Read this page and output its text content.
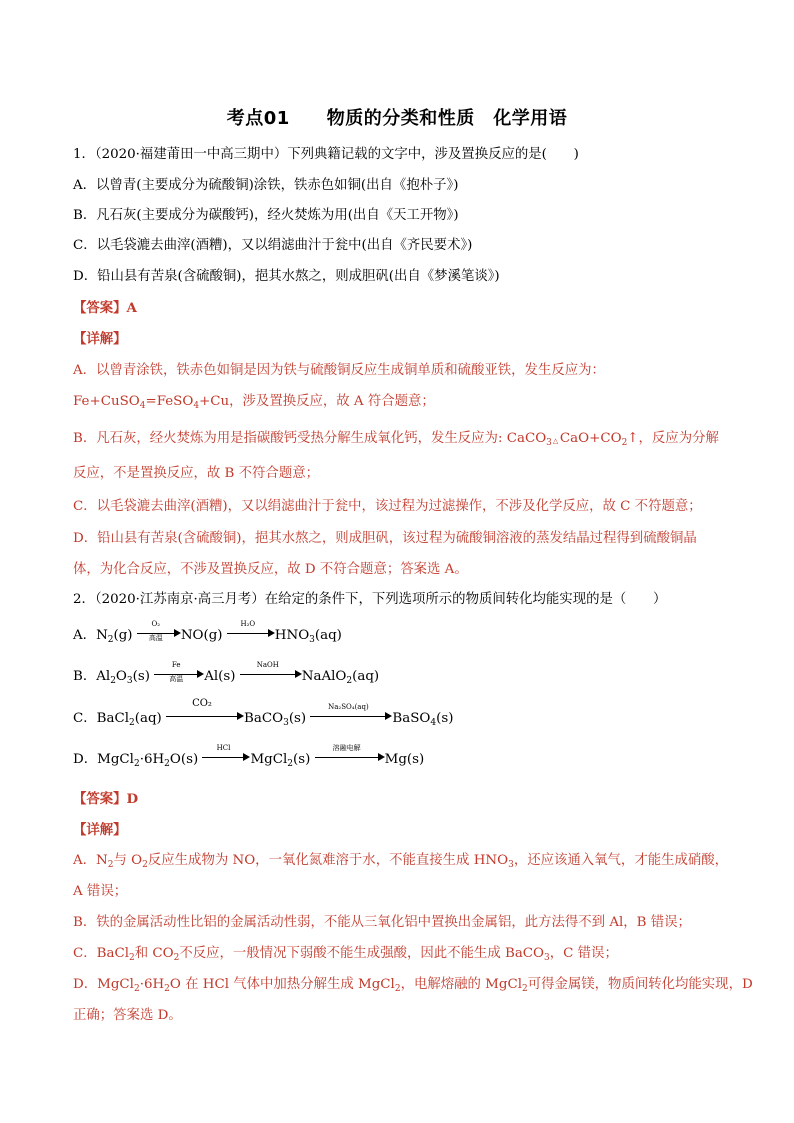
考点01　　物质的分类和性质　化学用语
1．（2020·福建莆田一中高三期中）下列典籍记载的文字中，涉及置换反应的是(　　)
A．以曾青(主要成分为硫酸铜)涂铁，铁赤色如铜(出自《抱朴子》)
B．凡石灰(主要成分为碳酸钙)，经火焚炼为用(出自《天工开物》)
C．以毛袋漉去曲滓(酒糟)，又以绢滤曲汁于瓮中(出自《齐民要术》)
D．铅山县有苦泉(含硫酸铜)，挹其水熬之，则成胆矾(出自《梦溪笔谈》)
【答案】A
【详解】
A．以曾青涂铁，铁赤色如铜是因为铁与硫酸铜反应生成铜单质和硫酸亚铁，发生反应为：
Fe+CuSO$_4$=FeSO$_4$+Cu，涉及置换反应，故 A 符合题意；
B．凡石灰，经火焚炼为用是指碳酸钙受热分解生成氧化钙，发生反应为: CaCO$_3$ △ $CaO+CO_2↑$，反应为分解
反应，不是置换反应，故 B 不符合题意；
C．以毛袋漉去曲滓(酒糟)，又以绢滤曲汁于瓮中，该过程为过滤操作，不涉及化学反应，故 C 不符题意；
D．铅山县有苦泉(含硫酸铜)，挹其水熬之，则成胆矾，该过程为硫酸铜溶液的蒸发结晶过程得到硫酸铜晶
体，为化合反应，不涉及置换反应，故 D 不符合题意；答案选 A。
2．（2020·江苏南京·高三月考）在给定的条件下，下列选项所示的物质间转化均能实现的是（　　）
A．$N_2(g)$
O₂
高温	NO(g)
H₂O
$HNO_3(aq)$
B．$Al_2O_3(s)$
Fe
高温	Al(s)
NaOH
NaAlO$_2$(aq)
C．BaCl$_2$(aq)
CO₂
BaCO$_3$(s)
Na₂SO₄(aq)
BaSO$_4$(s)
D．$MgCl_2\cdot 6H_2O(s)$
HCl
MgCl$_2$(s)
溶融电解
Mg(s)
【答案】D
【详解】
A．$N_2$与 $O_2$反应生成物为 NO，一氧化氮难溶于水，不能直接生成 $HNO_3$，还应该通入氧气，才能生成硝酸，
A 错误；
B．铁的金属活动性比铝的金属活动性弱，不能从三氧化铝中置换出金属铝，此方法得不到 Al，B 错误；
C．BaCl$_2$和 $CO_2$不反应，一般情况下弱酸不能生成强酸，因此不能生成 BaCO$_3$，C 错误；
D．$MgCl_2\cdot 6H_2O$ 在 HCl 气体中加热分解生成 MgCl$_2$，电解熔融的 MgCl$_2$可得金属镁，物质间转化均能实现，D
正确；答案选 D。
